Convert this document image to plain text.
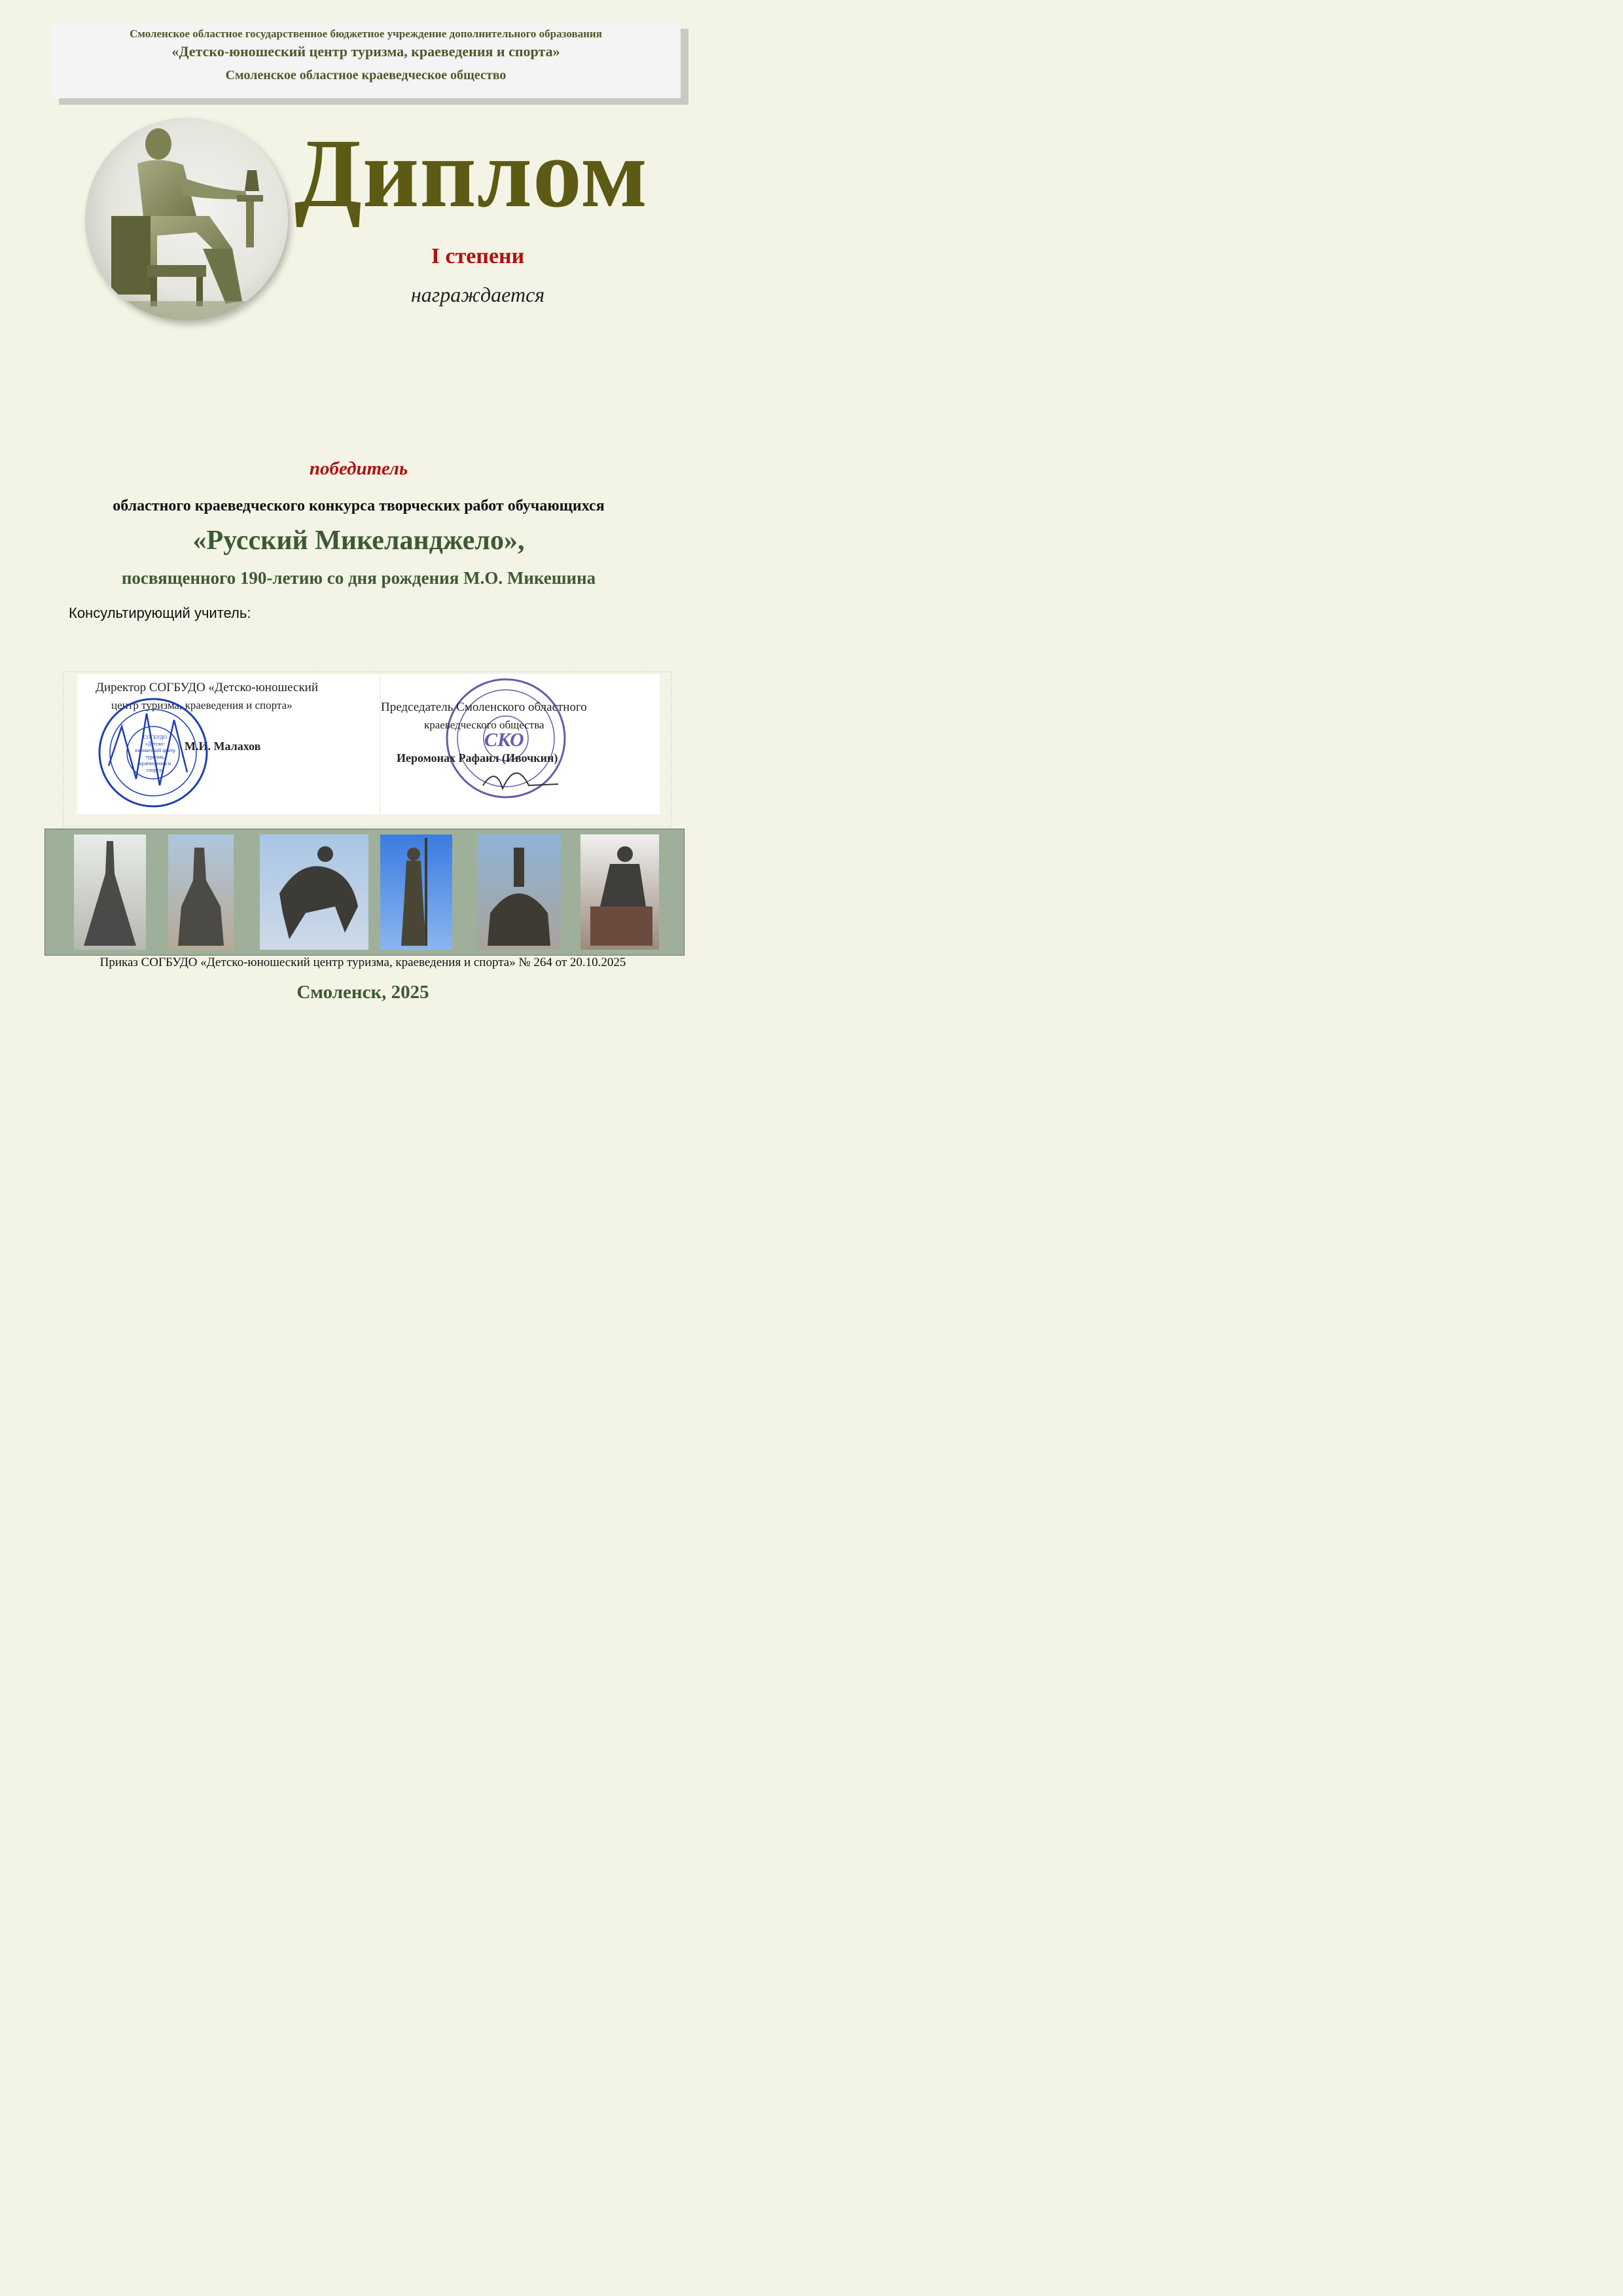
Смоленское областное государственное бюджетное учреждение дополнительного образования
«Детско-юношеский центр туризма, краеведения и спорта»
Смоленское областное краеведческое общество
Диплом
I степени
награждается
победитель
областного краеведческого конкурса творческих работ обучающихся
«Русский Микеланджело»,
посвященного 190-летию со дня рождения М.О. Микешина
Консультирующий учитель:
Директор СОГБУДО «Детско-юношеский
центр туризма, краеведения и спорта»
М.И. Малахов
СОГБУДО «Детско-юношеский центр туризма, краеведения и спорта»
Председатель Смоленского областного
краеведческого общества
СКО
Иеромонах Рафаил (Ивочкин)
Приказ СОГБУДО «Детско-юношеский центр туризма, краеведения и спорта» № 264 от 20.10.2025
Смоленск, 2025
